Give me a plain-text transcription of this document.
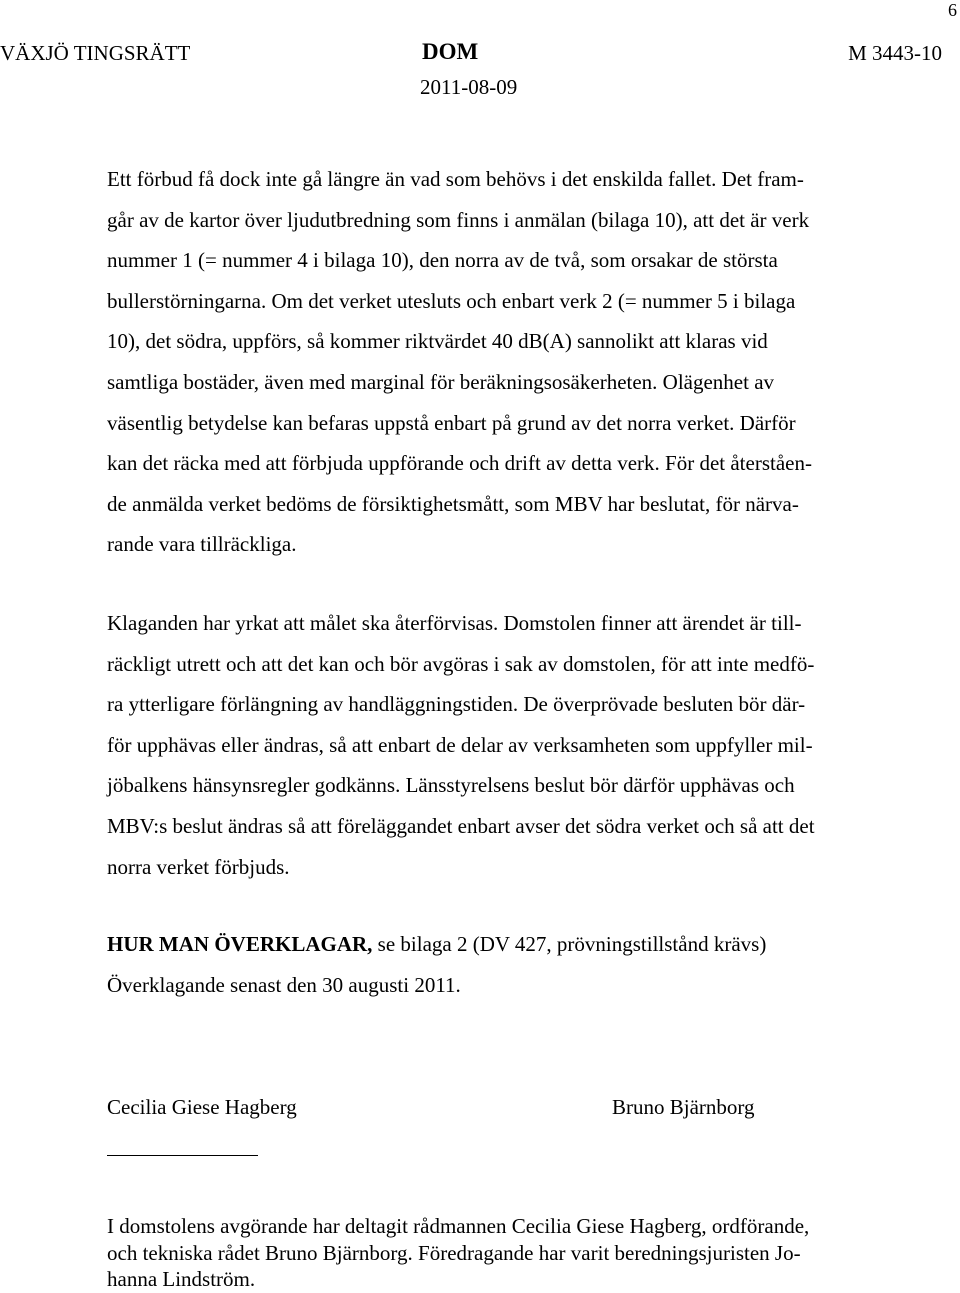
6
VÄXJÖ TINGSRÄTT	DOM	M 3443-10
2011-08-09
Ett förbud få dock inte gå längre än vad som behövs i det enskilda fallet. Det fram-
går av de kartor över ljudutbredning som finns i anmälan (bilaga 10), att det är verk
nummer 1 (= nummer 4 i bilaga 10), den norra av de två, som orsakar de största
bullerstörningarna. Om det verket utesluts och enbart verk 2 (= nummer 5 i bilaga
10), det södra, uppförs, så kommer riktvärdet 40 dB(A) sannolikt att klaras vid
samtliga bostäder, även med marginal för beräkningsosäkerheten. Olägenhet av
väsentlig betydelse kan befaras uppstå enbart på grund av det norra verket. Därför
kan det räcka med att förbjuda uppförande och drift av detta verk. För det återståen-
de anmälda verket bedöms de försiktighetsmått, som MBV har beslutat, för närva-
rande vara tillräckliga.
Klaganden har yrkat att målet ska återförvisas. Domstolen finner att ärendet är till-
räckligt utrett och att det kan och bör avgöras i sak av domstolen, för att inte medfö-
ra ytterligare förlängning av handläggningstiden. De överprövade besluten bör där-
för upphävas eller ändras, så att enbart de delar av verksamheten som uppfyller mil-
jöbalkens hänsynsregler godkänns. Länsstyrelsens beslut bör därför upphävas och
MBV:s beslut ändras så att föreläggandet enbart avser det södra verket och så att det
norra verket förbjuds.
HUR MAN ÖVERKLAGAR, se bilaga 2 (DV 427, prövningstillstånd krävs)
Överklagande senast den 30 augusti 2011.
Cecilia Giese Hagberg	Bruno Bjärnborg
I domstolens avgörande har deltagit rådmannen Cecilia Giese Hagberg, ordförande,
och tekniska rådet Bruno Bjärnborg. Föredragande har varit beredningsjuristen Jo-
hanna Lindström.
